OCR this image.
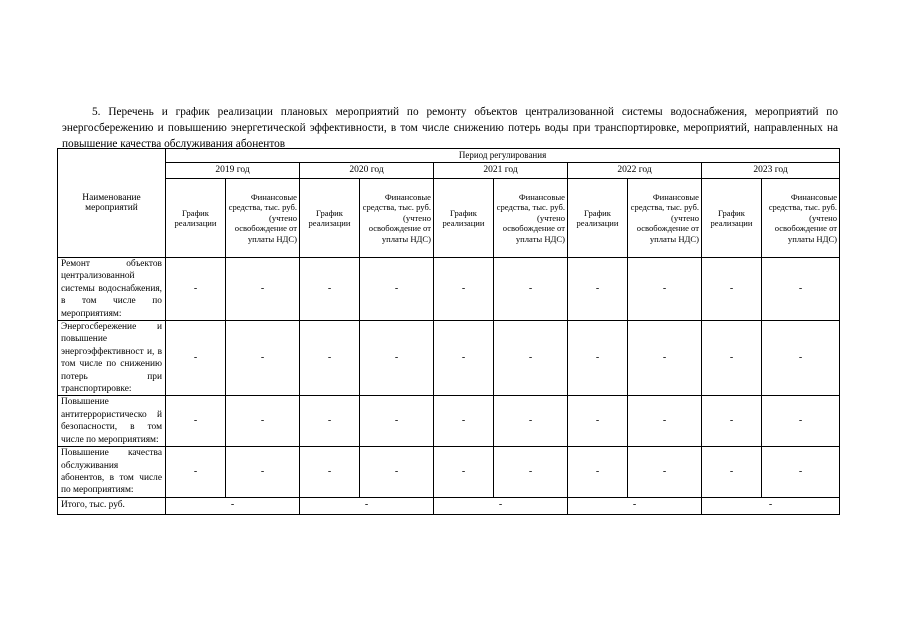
5. Перечень и график реализации плановых мероприятий по ремонту объектов централизованной системы водоснабжения, мероприятий по энергосбережению и повышению энергетической эффективности, в том числе снижению потерь воды при транспортировке, мероприятий, направленных на повышение качества обслуживания абонентов

Наименование мероприятий	Период регулирования									
	2019 год		2020 год		2021 год		2022 год		2023 год	
	График реализации	Финансовые средства, тыс. руб. (учтено освобождение от уплаты НДС)	График реализации	Финансовые средства, тыс. руб. (учтено освобождение от уплаты НДС)	График реализации	Финансовые средства, тыс. руб. (учтено освобождение от уплаты НДС)	График реализации	Финансовые средства, тыс. руб. (учтено освобождение от уплаты НДС)	График реализации	Финансовые средства, тыс. руб. (учтено освобождение от уплаты НДС)
Ремонт объектов централизованной системы водоснабжения, в том числе по мероприятиям:	-	-	-	-	-	-	-	-	-	-
Энергосбережение и повышение энергоэффективност и, в том числе по снижению потерь при транспортировке:	-	-	-	-	-	-	-	-	-	-
Повышение антитеррористическо й безопасности, в том числе по мероприятиям:	-	-	-	-	-	-	-	-	-	-
Повышение качества обслуживания абонентов, в том числе по мероприятиям:	-	-	-	-	-	-	-	-	-	-
Итого, тыс. руб.	-		-		-		-		-	
